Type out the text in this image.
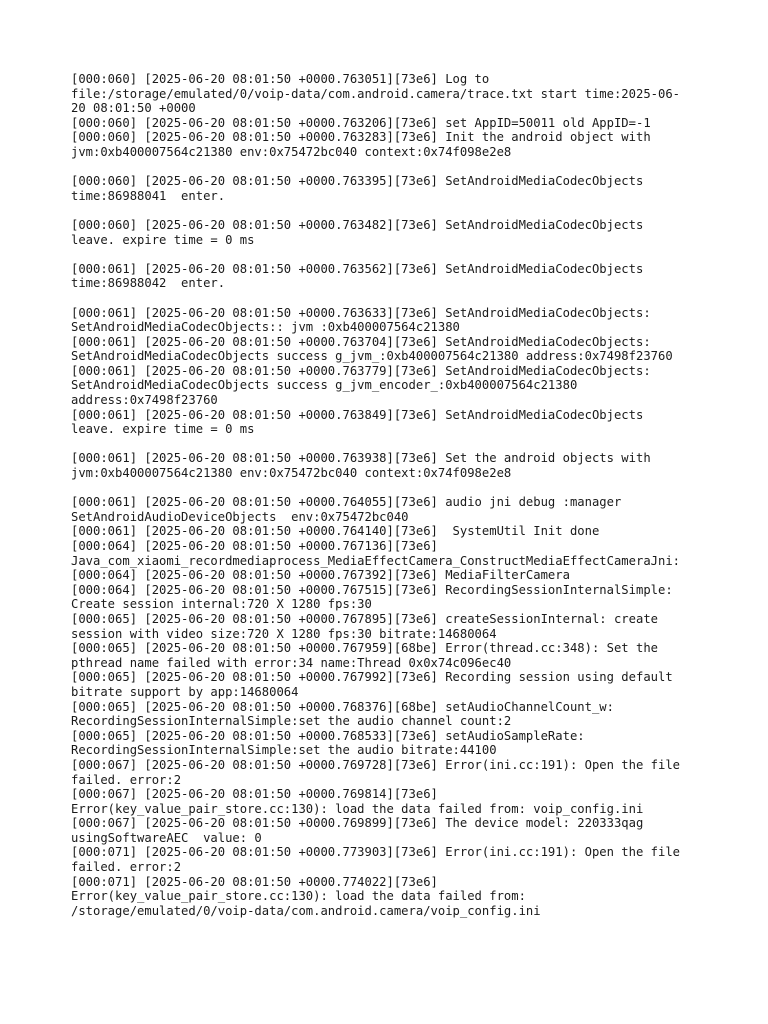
[000:060] [2025-06-20 08:01:50 +0000.763051][73e6] Log to
file:/storage/emulated/0/voip-data/com.android.camera/trace.txt start time:2025-06-
20 08:01:50 +0000
[000:060] [2025-06-20 08:01:50 +0000.763206][73e6] set AppID=50011 old AppID=-1
[000:060] [2025-06-20 08:01:50 +0000.763283][73e6] Init the android object with
jvm:0xb400007564c21380 env:0x75472bc040 context:0x74f098e2e8
[000:060] [2025-06-20 08:01:50 +0000.763395][73e6] SetAndroidMediaCodecObjects
time:86988041  enter.
[000:060] [2025-06-20 08:01:50 +0000.763482][73e6] SetAndroidMediaCodecObjects
leave. expire time = 0 ms
[000:061] [2025-06-20 08:01:50 +0000.763562][73e6] SetAndroidMediaCodecObjects
time:86988042  enter.
[000:061] [2025-06-20 08:01:50 +0000.763633][73e6] SetAndroidMediaCodecObjects:
SetAndroidMediaCodecObjects:: jvm :0xb400007564c21380
[000:061] [2025-06-20 08:01:50 +0000.763704][73e6] SetAndroidMediaCodecObjects:
SetAndroidMediaCodecObjects success g_jvm_:0xb400007564c21380 address:0x7498f23760
[000:061] [2025-06-20 08:01:50 +0000.763779][73e6] SetAndroidMediaCodecObjects:
SetAndroidMediaCodecObjects success g_jvm_encoder_:0xb400007564c21380
address:0x7498f23760
[000:061] [2025-06-20 08:01:50 +0000.763849][73e6] SetAndroidMediaCodecObjects
leave. expire time = 0 ms
[000:061] [2025-06-20 08:01:50 +0000.763938][73e6] Set the android objects with
jvm:0xb400007564c21380 env:0x75472bc040 context:0x74f098e2e8
[000:061] [2025-06-20 08:01:50 +0000.764055][73e6] audio jni debug :manager
SetAndroidAudioDeviceObjects  env:0x75472bc040
[000:061] [2025-06-20 08:01:50 +0000.764140][73e6]  SystemUtil Init done
[000:064] [2025-06-20 08:01:50 +0000.767136][73e6]
Java_com_xiaomi_recordmediaprocess_MediaEffectCamera_ConstructMediaEffectCameraJni:
[000:064] [2025-06-20 08:01:50 +0000.767392][73e6] MediaFilterCamera
[000:064] [2025-06-20 08:01:50 +0000.767515][73e6] RecordingSessionInternalSimple:
Create session internal:720 X 1280 fps:30
[000:065] [2025-06-20 08:01:50 +0000.767895][73e6] createSessionInternal: create
session with video size:720 X 1280 fps:30 bitrate:14680064
[000:065] [2025-06-20 08:01:50 +0000.767959][68be] Error(thread.cc:348): Set the
pthread name failed with error:34 name:Thread 0x0x74c096ec40
[000:065] [2025-06-20 08:01:50 +0000.767992][73e6] Recording session using default
bitrate support by app:14680064
[000:065] [2025-06-20 08:01:50 +0000.768376][68be] setAudioChannelCount_w:
RecordingSessionInternalSimple:set the audio channel count:2
[000:065] [2025-06-20 08:01:50 +0000.768533][73e6] setAudioSampleRate:
RecordingSessionInternalSimple:set the audio bitrate:44100
[000:067] [2025-06-20 08:01:50 +0000.769728][73e6] Error(ini.cc:191): Open the file
failed. error:2
[000:067] [2025-06-20 08:01:50 +0000.769814][73e6]
Error(key_value_pair_store.cc:130): load the data failed from: voip_config.ini
[000:067] [2025-06-20 08:01:50 +0000.769899][73e6] The device model: 220333qag
usingSoftwareAEC  value: 0
[000:071] [2025-06-20 08:01:50 +0000.773903][73e6] Error(ini.cc:191): Open the file
failed. error:2
[000:071] [2025-06-20 08:01:50 +0000.774022][73e6]
Error(key_value_pair_store.cc:130): load the data failed from:
/storage/emulated/0/voip-data/com.android.camera/voip_config.ini
